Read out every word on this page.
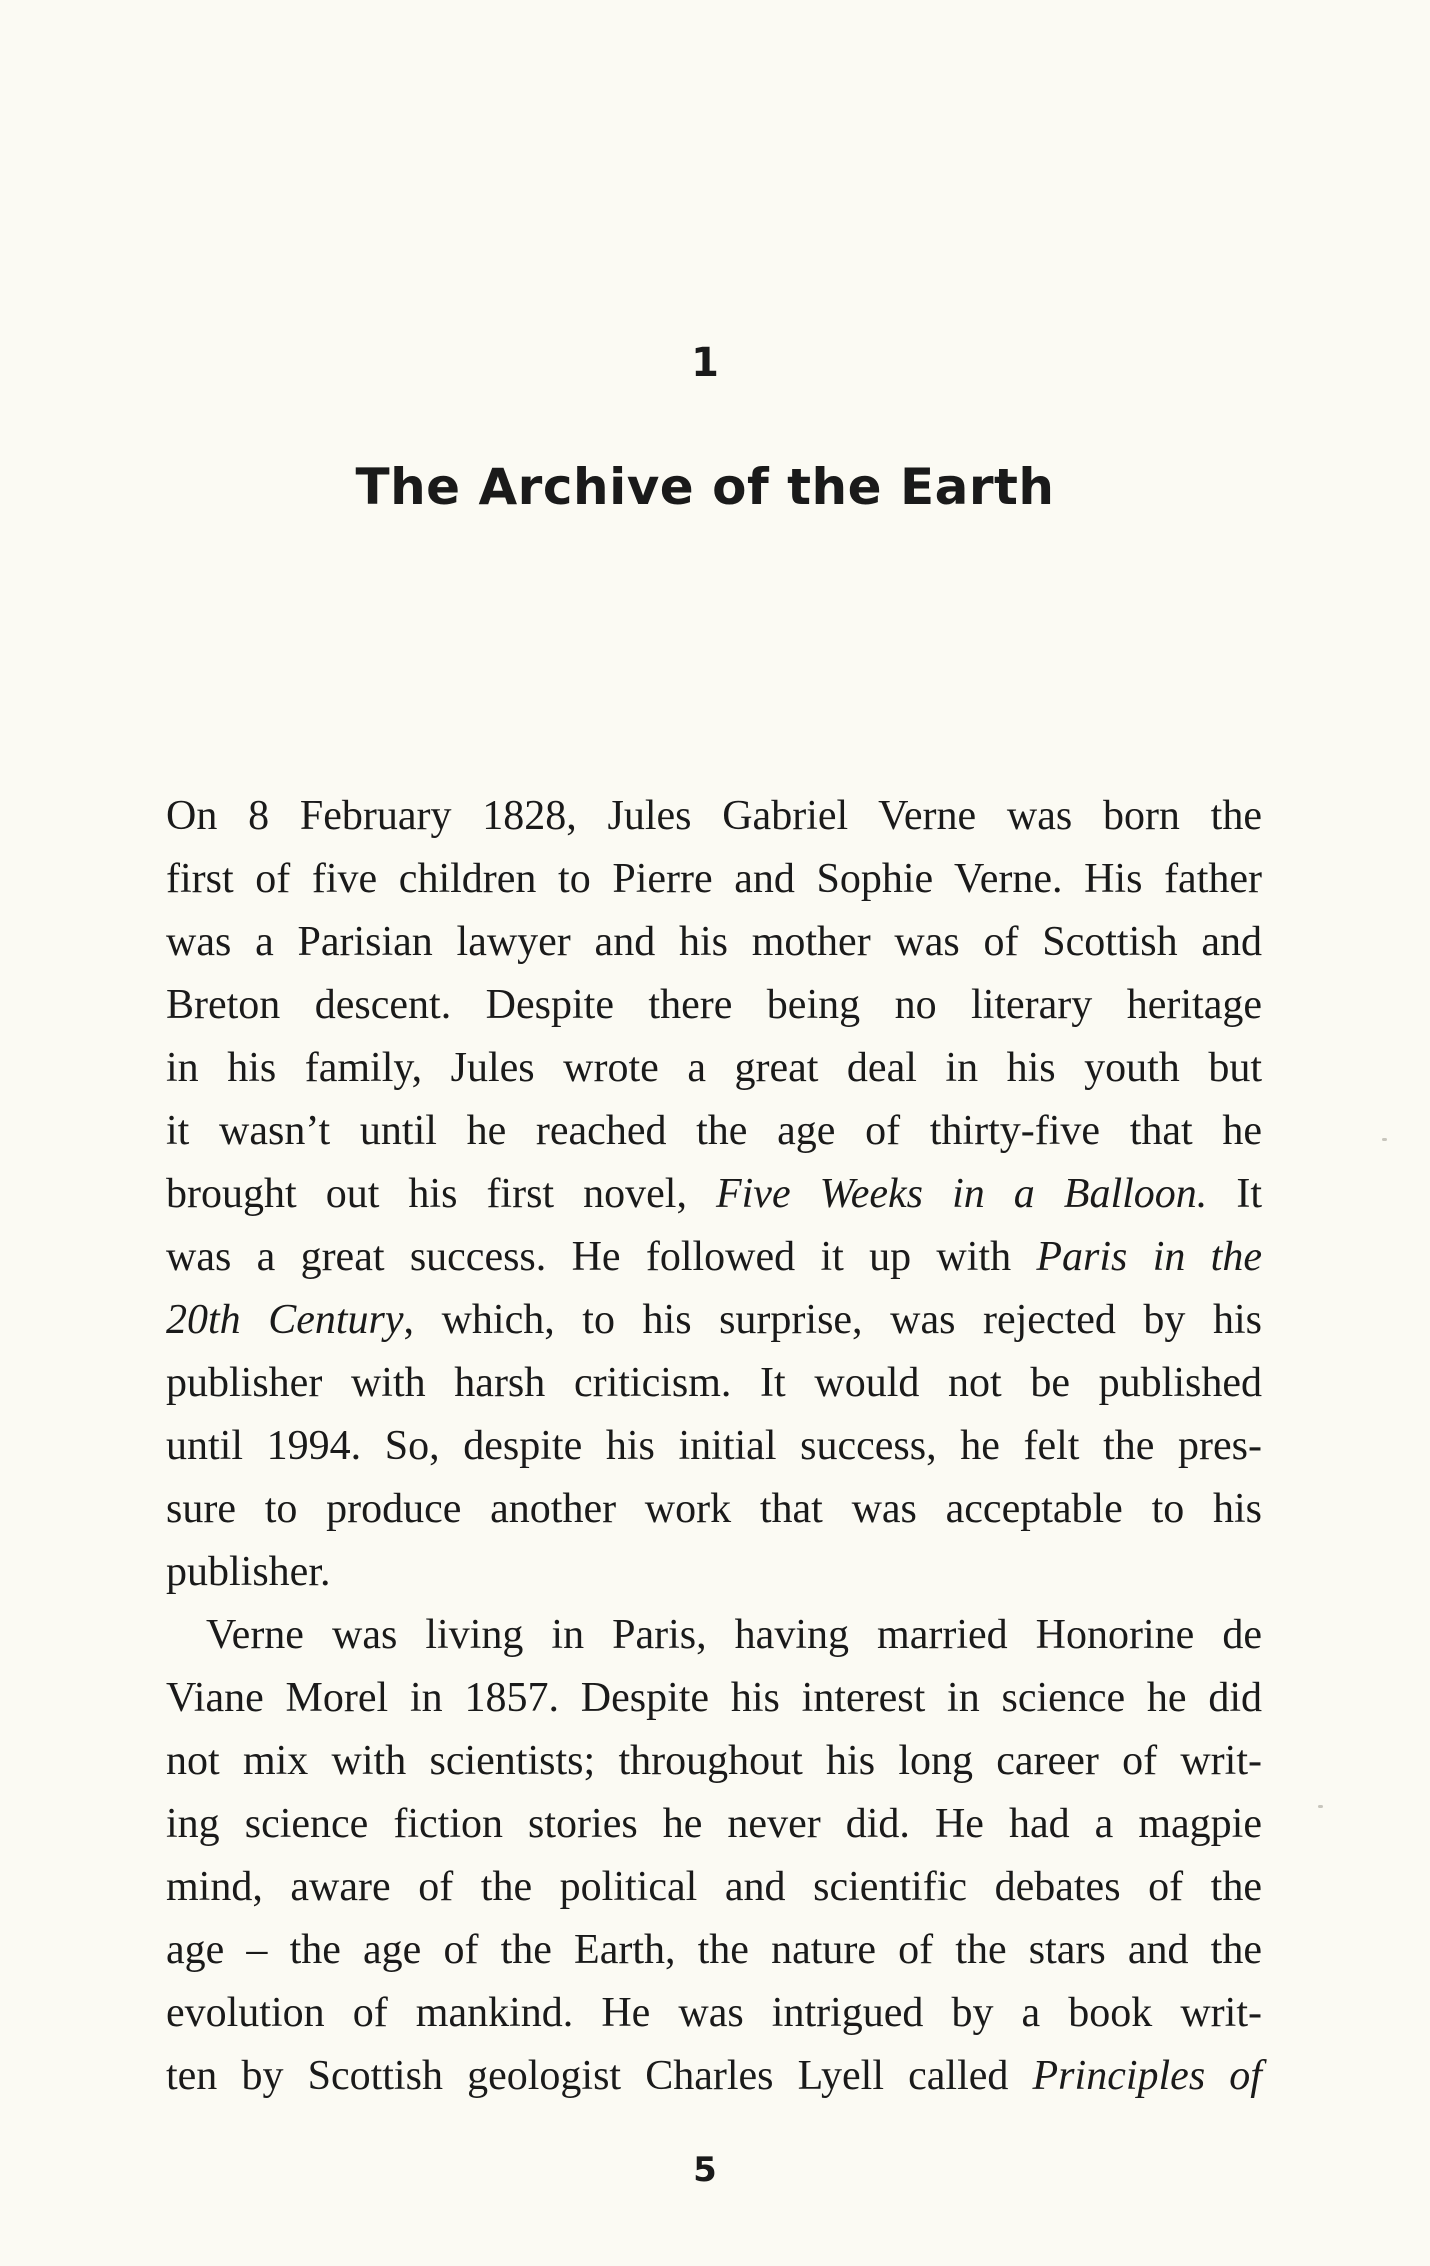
1
The Archive of the Earth
On 8 February 1828, Jules Gabriel Verne was born the
first of five children to Pierre and Sophie Verne. His father
was a Parisian lawyer and his mother was of Scottish and
Breton descent. Despite there being no literary heritage
in his family, Jules wrote a great deal in his youth but
it wasn’t until he reached the age of thirty-five that he
brought out his first novel, Five Weeks in a Balloon. It
was a great success. He followed it up with Paris in the
20th Century, which, to his surprise, was rejected by his
publisher with harsh criticism. It would not be published
until 1994. So, despite his initial success, he felt the pres-
sure to produce another work that was acceptable to his
publisher.
Verne was living in Paris, having married Honorine de
Viane Morel in 1857. Despite his interest in science he did
not mix with scientists; throughout his long career of writ-
ing science fiction stories he never did. He had a magpie
mind, aware of the political and scientific debates of the
age – the age of the Earth, the nature of the stars and the
evolution of mankind. He was intrigued by a book writ-
ten by Scottish geologist Charles Lyell called Principles of
5
